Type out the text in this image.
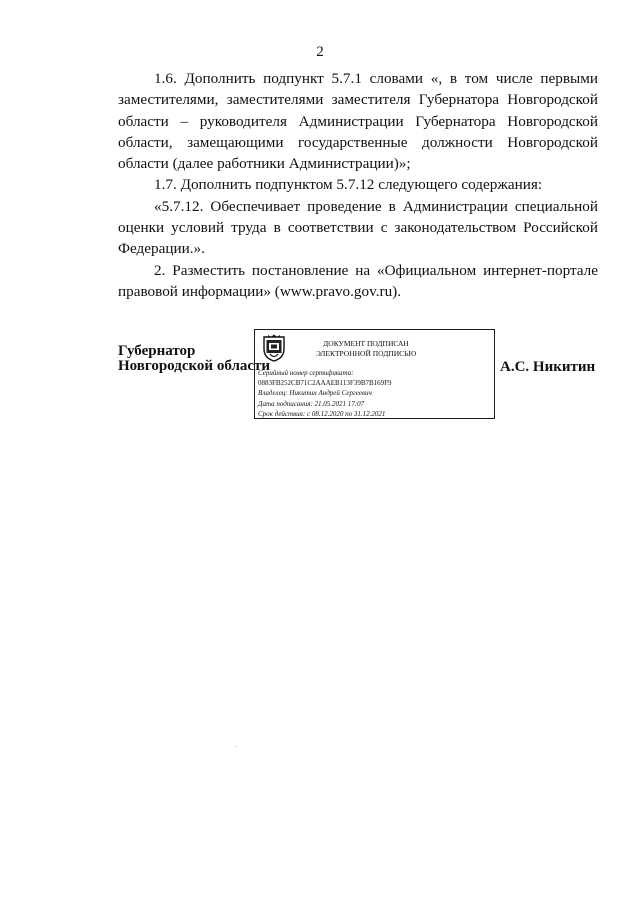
2

1.6. Дополнить подпункт 5.7.1 словами «, в том числе первыми заместителями, заместителями заместителя Губернатора Новгородской области – руководителя Администрации Губернатора Новгородской области, замещающими государственные должности Новгородской области (далее работники Администрации)»;

1.7. Дополнить подпунктом 5.7.12 следующего содержания:

«5.7.12. Обеспечивает проведение в Администрации специальной оценки условий труда в соответствии с законодательством Российской Федерации.».

2. Разместить постановление на «Официальном интернет-портале правовой информации» (www.pravo.gov.ru).

Губернатор
Новгородской области
ДОКУМЕНТ ПОДПИСАН
ЭЛЕКТРОННОЙ ПОДПИСЬЮ
Серийный номер сертификата:
0883FB252CB71C2AAAEB113F39B7B169F9
Владелец: Никитин Андрей Сергеевич
Дата подписания: 21.05.2021 17:07
Срок действия: с 08.12.2020 по 31.12.2021
А.С. Никитин
